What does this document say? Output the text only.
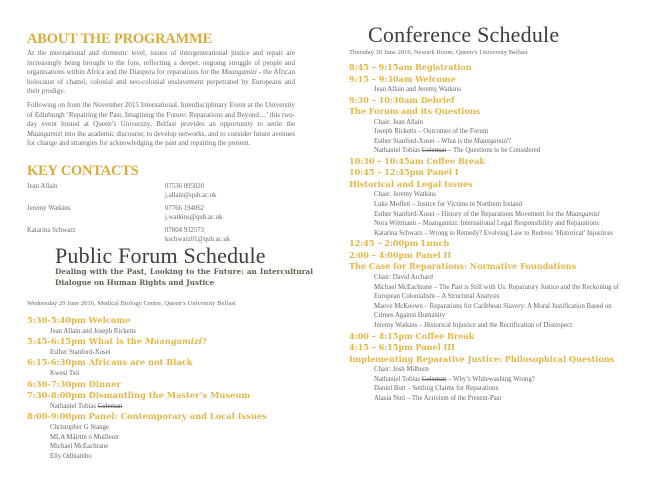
ABOUT THE PROGRAMME
At the international and domestic level, issues of intergenerational justice and repair are increasingly being brought to the fore, reflecting a deeper, ongoing struggle of people and organisations within Africa and the Diaspora for reparations for the Maangamizi - the African holocaust of chattel, colonial and neo-colonial enslavement perpetrated by Europeans and their prodigy.
Following on from the November 2015 International, Interdisciplinary Event at the University of Edinburgh ‘Repairing the Past, Imagining the Future: Reparations and Beyond…’ this two-day event hosted at Queen’s University, Belfast provides an opportunity to settle the Maangamizi into the academic discourse, to develop networks, and to consider future avenues for change and strategies for acknowledging the past and repairing the present.
KEY CONTACTS
Jean Allain	07536 095020
j.allain@qub.ac.uk
Jeremy Watkins	07766 194062
j.watkins@qub.ac.uk
Katarina Schwarz	07804 932573
kschwarz01@qub.ac.uk
Public Forum Schedule
Dealing with the Past, Looking to the Future: an Intercultural Dialogue on Human Rights and Justice
Wednesday 29 June 2016, Medical Biology Centre, Queen’s University Belfast
5:30-5:40pm Welcome
Jean Allain and Joseph Ricketts
5:45-6:15pm What is the Maangamizi?
Esther Stanford-Xosei
6:15-6:30pm Africans are not Black
Kwesi Tsri
6:30-7:30pm Dinner
7:30-8:00pm Dismantling the Master’s Museum
Nathaniel Tobias Coleman
8:00-9:00pm Panel: Contemporary and Local Issues
Christopher G Stange
MLA Máirtín ó Muilleoir
Michael McEachrane
Elly Odhiambo
Conference Schedule
Thursday 30 June 2016, Newark Room, Queen’s University Belfast
8:45 – 9:15am Registration
9:15 – 9:30am Welcome
Jean Allain and Jeremy Watkins
9:30 – 10:30am Debrief
The Forum and its Questions
Chair: Jean Allain
Joseph Ricketts – Outcomes of the Forum
Esther Stanford-Xosei – What is the Maangamizi?
Nathaniel Tobias Coleman – The Questions to be Considered
10:30 – 10:45am Coffee Break
10:45 – 12:45pm Panel I
Historical and Legal Issues
Chair: Jeremy Watkins
Luke Moffett – Justice for Victims in Northern Ireland
Esther Stanford-Xosei – History of the Reparations Movement for the Maangamizi
Nora Wittmann – Maangamizi: International Legal Responsibility and Reparations
Katarina Schwarz – Wrong to Remedy? Evolving Law to Redress ‘Historical’ Injustices
12:45 – 2:00pm Lunch
2:00 – 4:00pm Panel II
The Case for Reparations: Normative Foundations
Chair: David Archard
Michael McEachrane – The Past is Still with Us: Reparatory Justice and the Reckoning of European Colonialism – A Structural Analysis
Maeve McKeown – Reparations for Caribbean Slavery: A Moral Justification Based on Crimes Against Humanity
Jeremy Watkins – Historical Injustice and the Rectification of Disrespect
4:00 – 4:15pm Coffee Break
4:15 – 6:15pm Panel III
Implementing Reparative Justice: Philosophical Questions
Chair: Josh Milburn
Nathaniel Tobias Coleman – Why’s Whitewashing Wrong?
Daniel Butt – Settling Claims for Reparations
Alasia Nuti – The Activism of the Present-Past
